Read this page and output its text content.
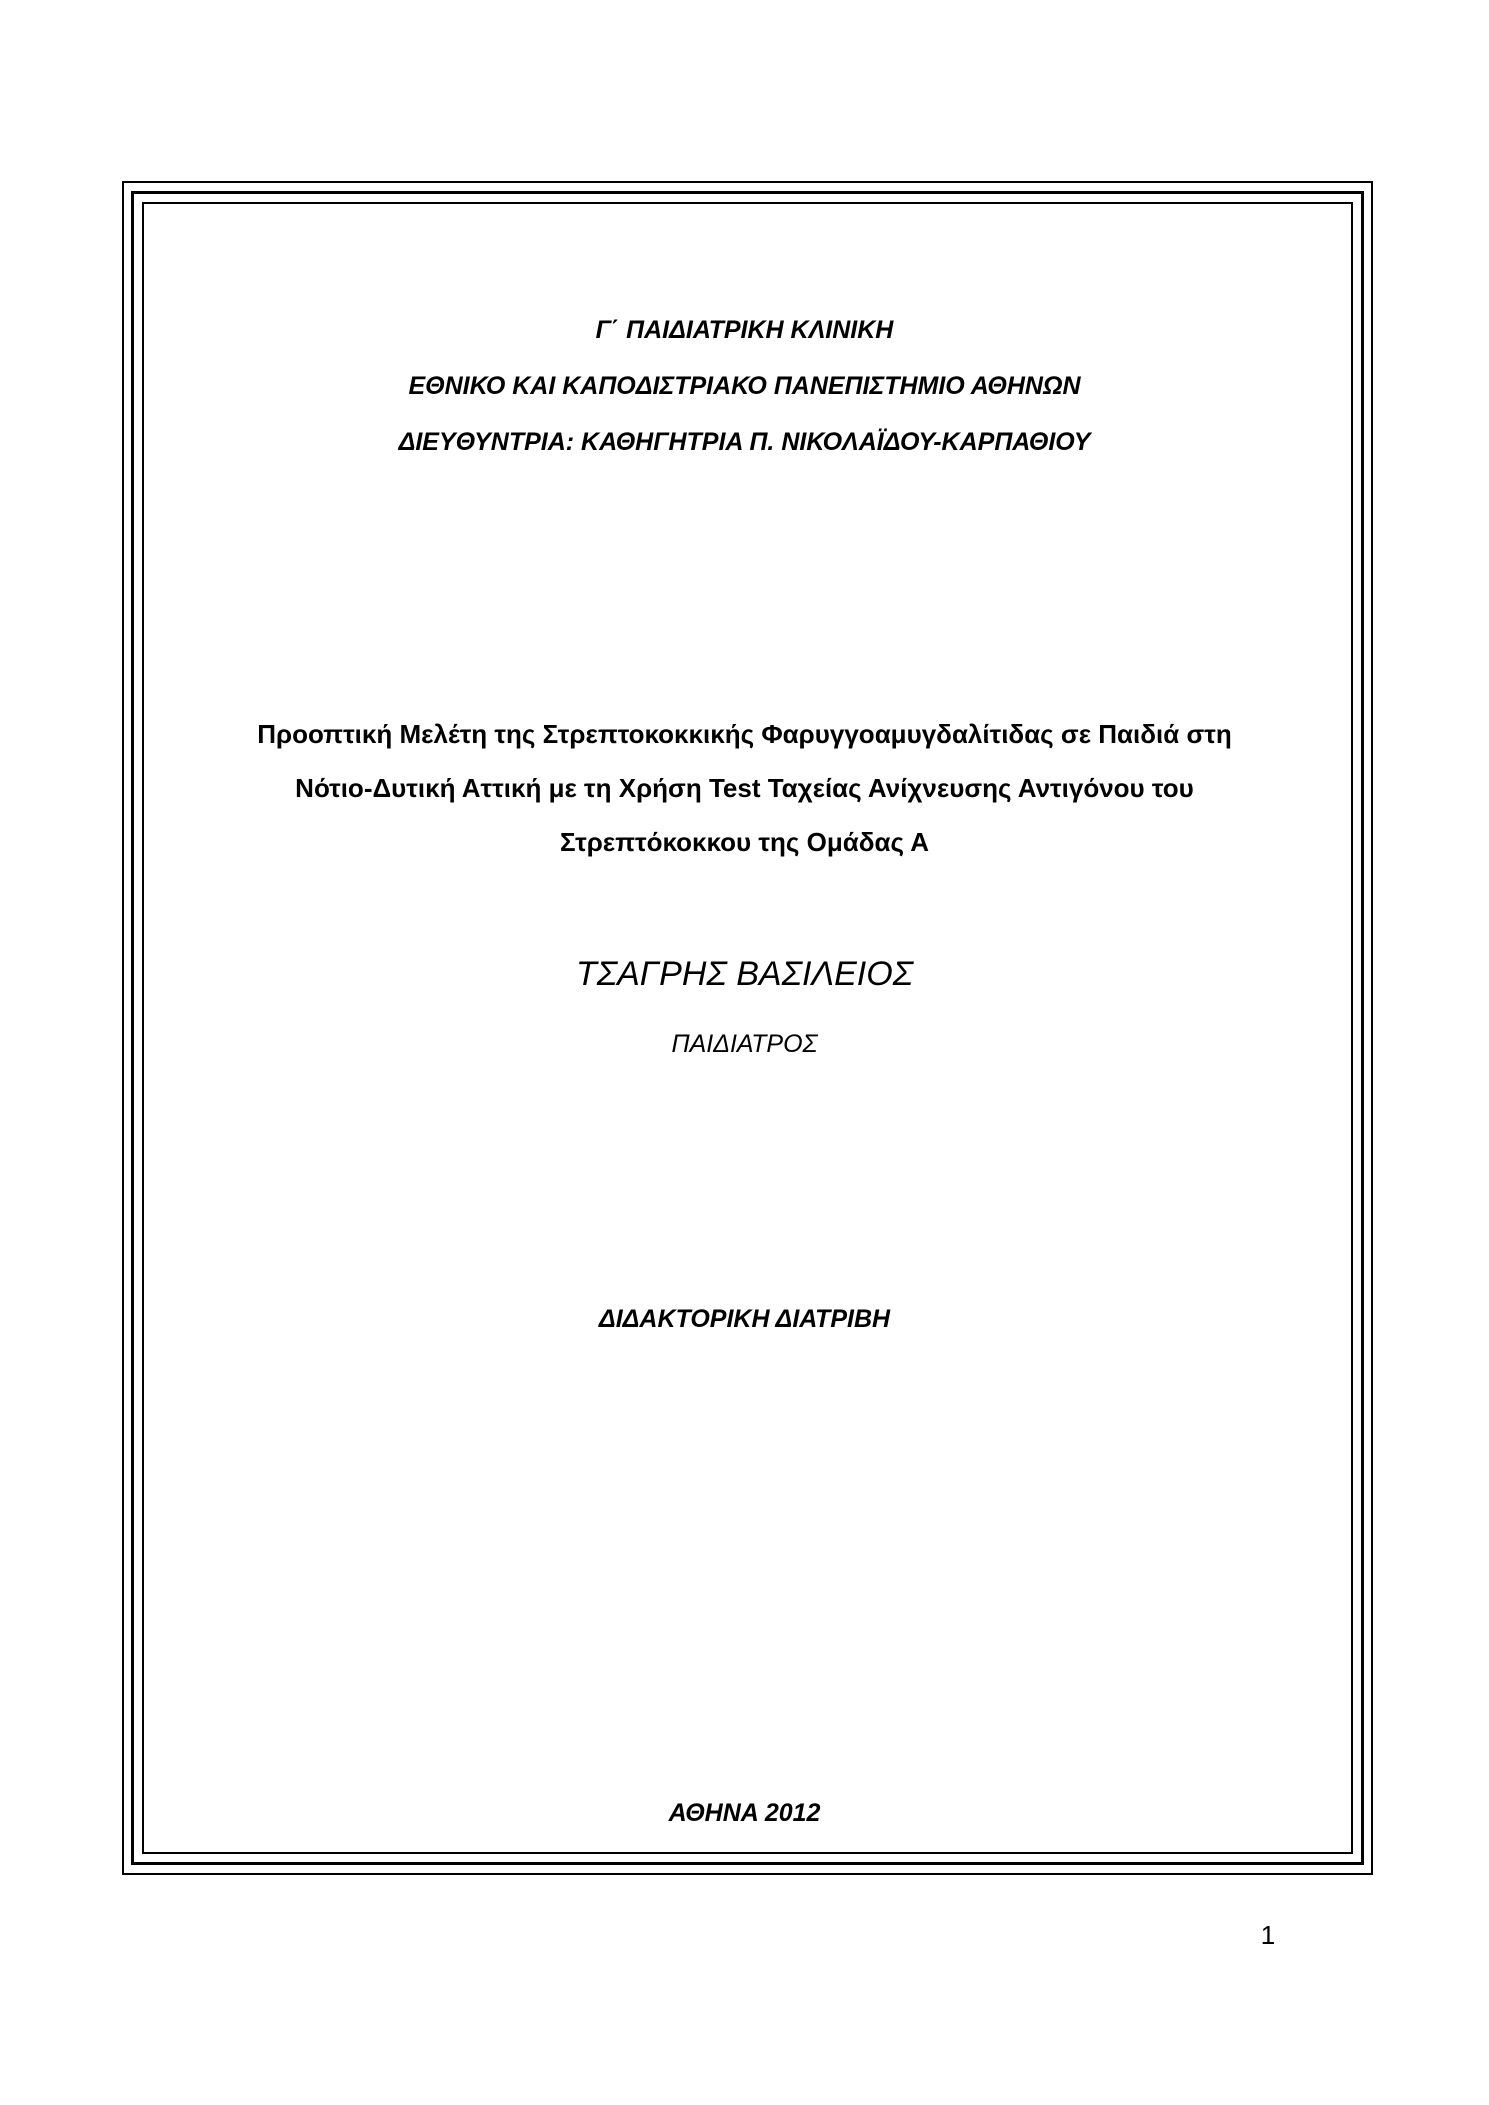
Γ΄ ΠΑΙΔΙΑΤΡΙΚΗ ΚΛΙΝΙΚΗ
ΕΘΝΙΚΟ ΚΑΙ ΚΑΠΟΔΙΣΤΡΙΑΚΟ ΠΑΝΕΠΙΣΤΗΜΙΟ ΑΘΗΝΩΝ
ΔΙΕΥΘΥΝΤΡΙΑ: ΚΑΘΗΓΗΤΡΙΑ Π. ΝΙΚΟΛΑΪΔΟΥ-ΚΑΡΠΑΘΙΟΥ
Προοπτική Μελέτη της Στρεπτοκοκκικής Φαρυγγοαμυγδαλίτιδας σε Παιδιά στη
Νότιο-Δυτική Αττική με τη Χρήση Test Ταχείας Ανίχνευσης Αντιγόνου του
Στρεπτόκοκκου της Ομάδας Α
ΤΣΑΓΡΗΣ ΒΑΣΙΛΕΙΟΣ
ΠΑΙΔΙΑΤΡΟΣ
ΔΙΔΑΚΤΟΡΙΚΗ ΔΙΑΤΡΙΒΗ
ΑΘΗΝΑ 2012
1
